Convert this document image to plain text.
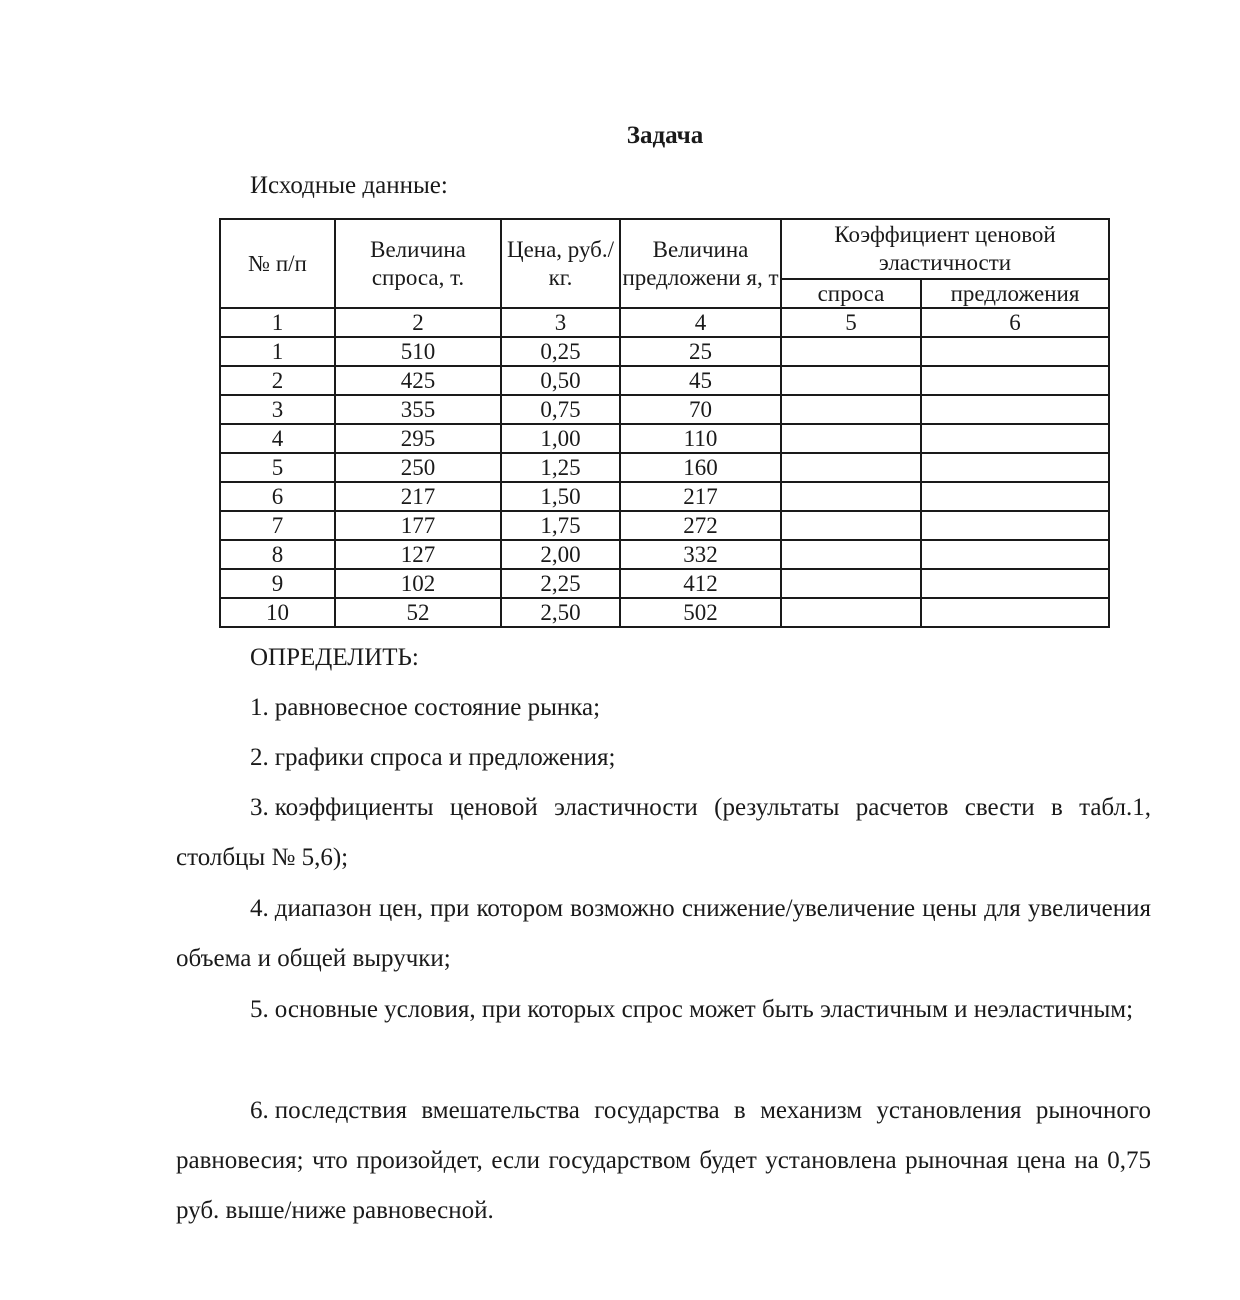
Задача
Исходные данные:
№ п/п	Величина спроса, т.	Цена, руб./кг.	Величина предложени я, т	Коэффициент ценовой эластичности	
				спроса	предложения
1	2	3	4	5	6
1	510	0,25	25		
2	425	0,50	45		
3	355	0,75	70		
4	295	1,00	110		
5	250	1,25	160		
6	217	1,50	217		
7	177	1,75	272		
8	127	2,00	332		
9	102	2,25	412		
10	52	2,50	502		
ОПРЕДЕЛИТЬ:

1. равновесное состояние рынка;

2. графики спроса и предложения;

3. коэффициенты ценовой эластичности (результаты расчетов свести в табл.1, столбцы № 5,6);

4. диапазон цен, при котором возможно снижение/увеличение цены для увеличения объема и общей выручки;

5. основные условия, при которых спрос может быть эластичным и неэластичным;

6. последствия вмешательства государства в механизм установления рыночного равновесия; что произойдет, если государством будет установлена рыночная цена на 0,75 руб. выше/ниже равновесной.
